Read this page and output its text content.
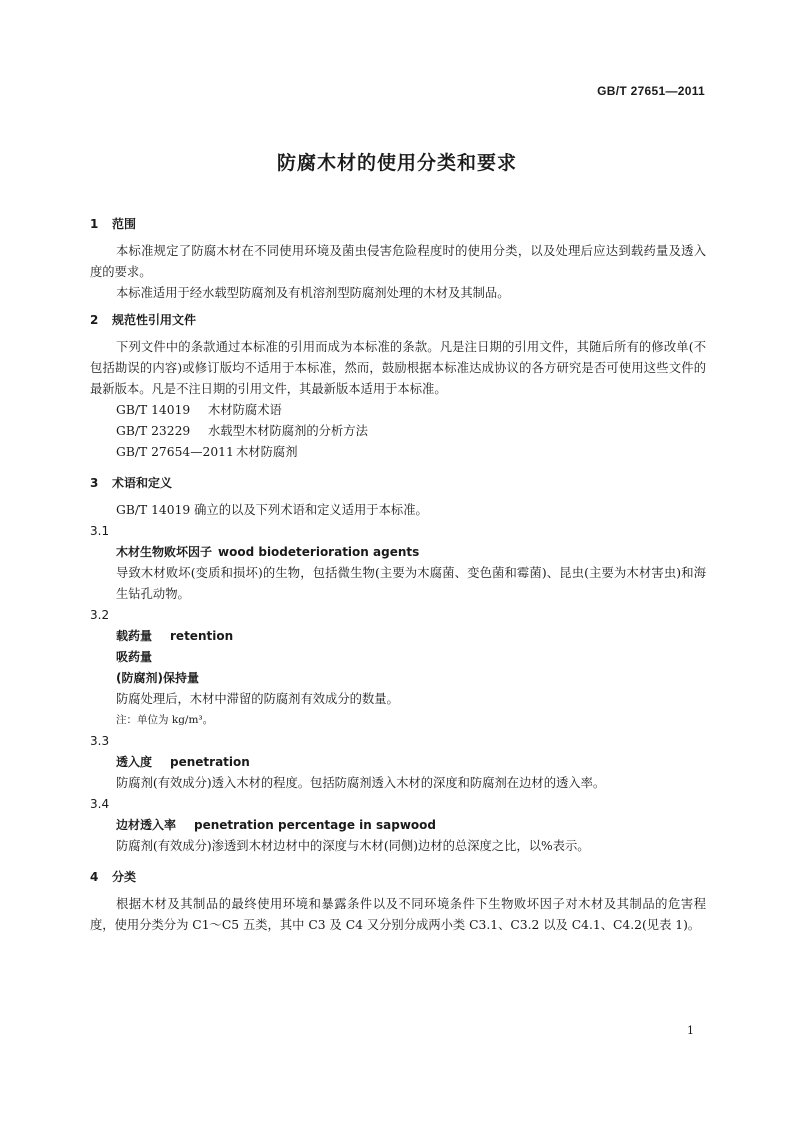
GB/T 27651—2011
防腐木材的使用分类和要求

1 范围

本标准规定了防腐木材在不同使用环境及菌虫侵害危险程度时的使用分类，以及处理后应达到载药量及透入度的要求。

本标准适用于经水载型防腐剂及有机溶剂型防腐剂处理的木材及其制品。

2 规范性引用文件

下列文件中的条款通过本标准的引用而成为本标准的条款。凡是注日期的引用文件，其随后所有的修改单(不包括勘误的内容)或修订版均不适用于本标准，然而，鼓励根据本标准达成协议的各方研究是否可使用这些文件的最新版本。凡是不注日期的引用文件，其最新版本适用于本标准。

GB/T 14019 木材防腐术语

GB/T 23229 水载型木材防腐剂的分析方法

GB/T 27654—2011 木材防腐剂

3 术语和定义

GB/T 14019 确立的以及下列术语和定义适用于本标准。

3.1

木材生物败坏因子 wood biodeterioration agents

导致木材败坏(变质和损坏)的生物，包括微生物(主要为木腐菌、变色菌和霉菌)、昆虫(主要为木材害虫)和海生钻孔动物。

3.2

载药量 retention

吸药量

(防腐剂)保持量

防腐处理后，木材中滞留的防腐剂有效成分的数量。

注：单位为 kg/m³。

3.3

透入度 penetration

防腐剂(有效成分)透入木材的程度。包括防腐剂透入木材的深度和防腐剂在边材的透入率。

3.4

边材透入率 penetration percentage in sapwood

防腐剂(有效成分)渗透到木材边材中的深度与木材(同侧)边材的总深度之比，以%表示。

4 分类

根据木材及其制品的最终使用环境和暴露条件以及不同环境条件下生物败坏因子对木材及其制品的危害程度，使用分类分为 C1～C5 五类，其中 C3 及 C4 又分别分成两小类 C3.1、C3.2 以及 C4.1、C4.2(见表 1)。

1
